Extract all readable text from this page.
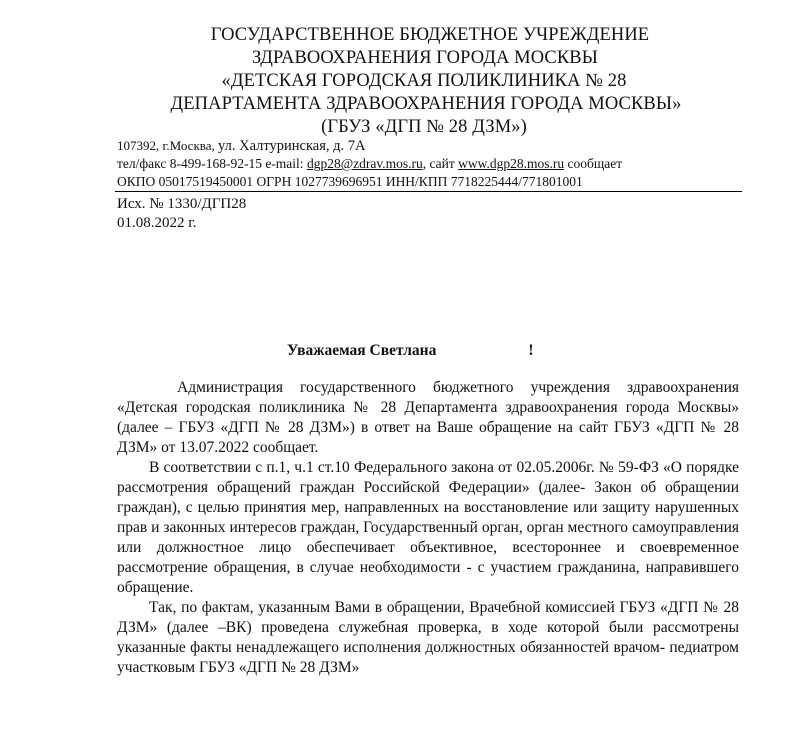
ГОСУДАРСТВЕННОЕ БЮДЖЕТНОЕ УЧРЕЖДЕНИЕ
ЗДРАВООХРАНЕНИЯ ГОРОДА МОСКВЫ
«ДЕТСКАЯ ГОРОДСКАЯ ПОЛИКЛИНИКА № 28
ДЕПАРТАМЕНТА ЗДРАВООХРАНЕНИЯ ГОРОДА МОСКВЫ»
(ГБУЗ «ДГП № 28 ДЗМ»)
107392, г.Москва, ул. Халтуринская, д. 7А
тел/факс 8-499-168-92-15 e-mail: dgp28@zdrav.mos.ru, сайт www.dgp28.mos.ru сообщает
ОКПО 05017519450001 ОГРН 1027739696951 ИНН/КПП 7718225444/771801001
Исх. № 1330/ДГП28
01.08.2022 г.
Уважаемая Светлана	!

Администрация государственного бюджетного учреждения здравоохранения «Детская городская поликлиника № 28 Департамента здравоохранения города Москвы» (далее – ГБУЗ «ДГП № 28 ДЗМ») в ответ на Ваше обращение на сайт ГБУЗ «ДГП № 28 ДЗМ» от 13.07.2022 сообщает.

В соответствии с п.1, ч.1 ст.10 Федерального закона от 02.05.2006г. № 59-ФЗ «О порядке рассмотрения обращений граждан Российской Федерации» (далее- Закон об обращении граждан), с целью принятия мер, направленных на восстановление или защиту нарушенных прав и законных интересов граждан, Государственный орган, орган местного самоуправления или должностное лицо обеспечивает объективное, всестороннее и своевременное рассмотрение обращения, в случае необходимости - с участием гражданина, направившего обращение.

Так, по фактам, указанным Вами в обращении, Врачебной комиссией ГБУЗ «ДГП № 28 ДЗМ» (далее –ВК) проведена служебная проверка, в ходе которой были рассмотрены указанные факты ненадлежащего исполнения должностных обязанностей врачом- педиатром участковым ГБУЗ «ДГП № 28 ДЗМ»
